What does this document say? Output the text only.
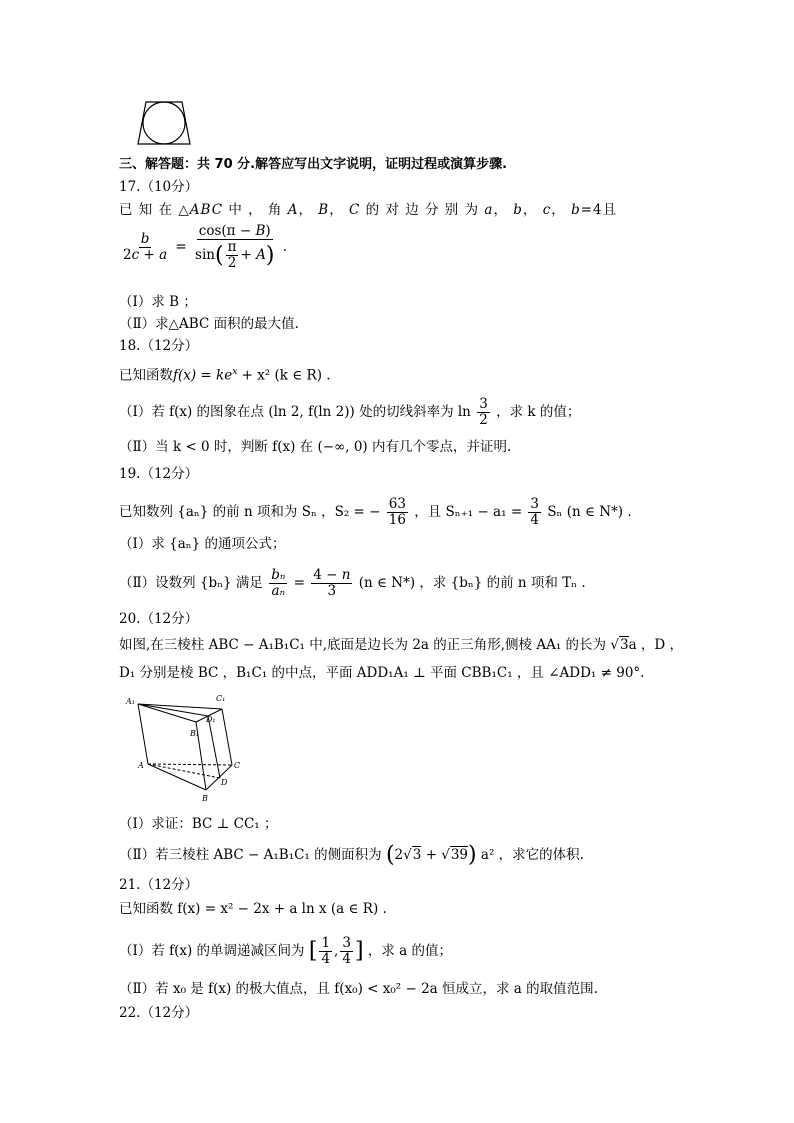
三、解答题：共 70 分.解答应写出文字说明，证明过程或演算步骤.
17.（10分）
已 知 在 △ABC 中 ， 角 A， B， C 的 对 边 分 别 为 a， b， c， b=4且
$\frac{b}{2c + a} = \frac{\cos(\pi - B)}{\sin( \frac{\pi}{2} + A)}$ .
（Ⅰ）求 B ；
（Ⅱ）求△ABC 面积的最大值.
18.（12分）
已知函数$f(x) = ke^x + x^2$ (k ∈ R) .
（Ⅰ）若 f(x) 的图象在点 (ln 2, f(ln 2)) 处的切线斜率为 $\ln \frac{3}{2}$ ，求 k 的值；
（Ⅱ）当 k < 0 时，判断 f(x) 在 (−∞, 0) 内有几个零点，并证明.
19.（12分）
已知数列 {aₙ} 的前 n 项和为 Sₙ ，S₂ = − $\frac{63}{16}$ ，且 $S_{n+1} - a_1 = \frac{3}{4}$ Sₙ (n ∈ N*) .
（Ⅰ）求 {aₙ} 的通项公式；
（Ⅱ）设数列 {bₙ} 满足 $\frac{\text{bₙ}}{\text{aₙ}} = \frac{4 - n}{3} (n$ ∈ N*) ，求 {bₙ} 的前 n 项和 Tₙ .
20.（12分）
如图,在三棱柱 ABC − A₁B₁C₁ 中,底面是边长为 2a 的正三角形,侧棱 AA₁ 的长为 √3a ，D ，
D₁ 分别是棱 BC ，B₁C₁ 的中点，平面 ADD₁A₁ ⊥ 平面 CBB₁C₁ ，且 ∠ADD₁ ≠ 90°.
A₁	C₁
D₁
B₁
A	C
D
B
（Ⅰ）求证：BC ⊥ CC₁ ；
（Ⅱ）若三棱柱 ABC − A₁B₁C₁ 的侧面积为 (2√3 + √39) a² ，求它的体积.
21.（12分）
已知函数 f(x) = x² − 2x + a ln x (a ∈ R) .
（Ⅰ）若 f(x) 的单调递减区间为 [ $\frac{1}{4}$ , $\frac{3}{4}$ ] ，求 a 的值；
（Ⅱ）若 x₀ 是 f(x) 的极大值点，且 f(x₀) < x₀² − 2a 恒成立，求 a 的取值范围.
22.（12分）
